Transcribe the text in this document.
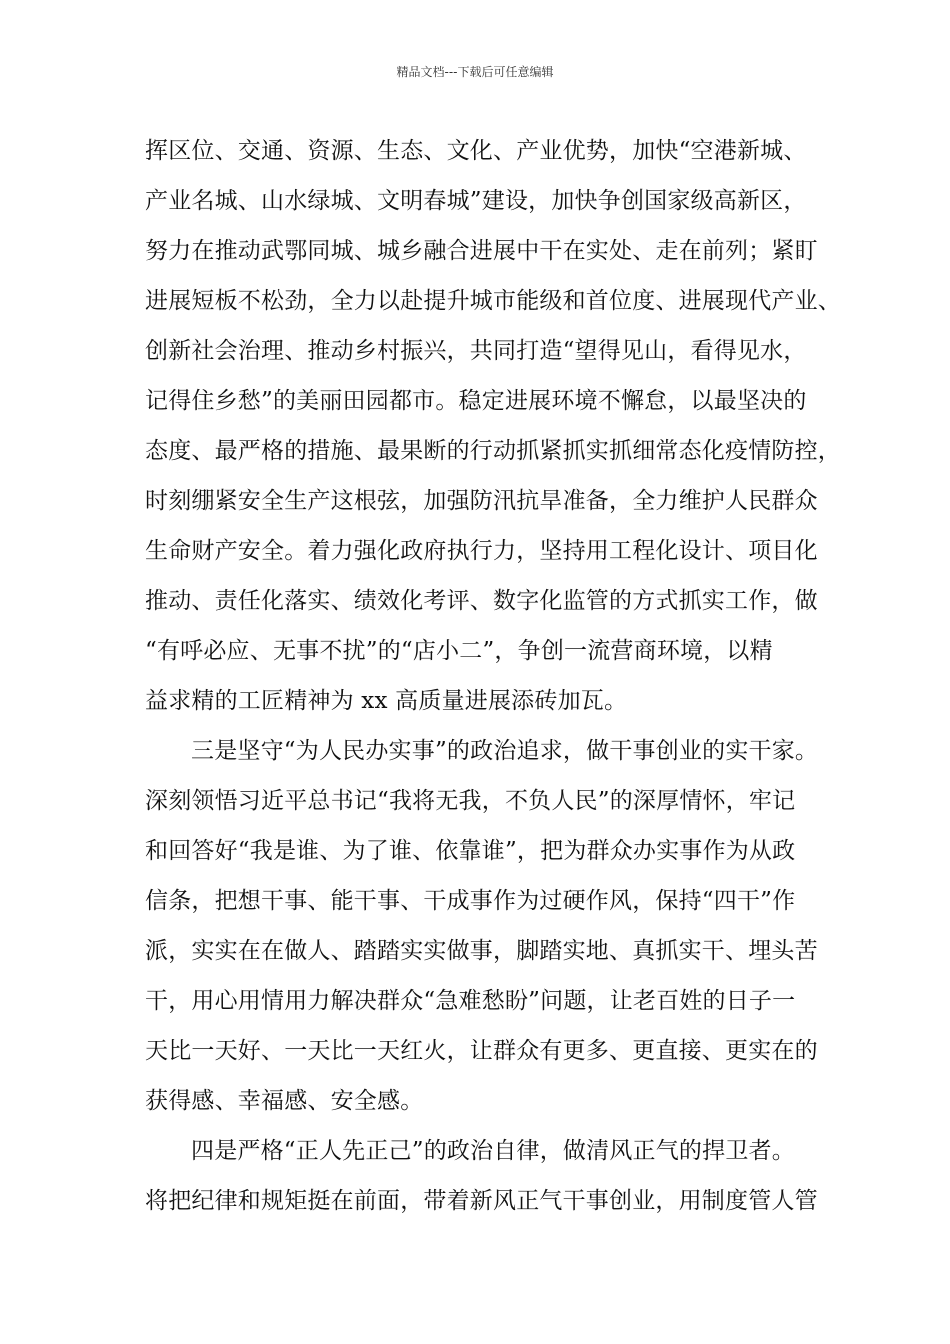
精品文档---下载后可任意编辑
挥区位、交通、资源、生态、文化、产业优势，加快“空港新城、
产业名城、山水绿城、文明春城”建设，加快争创国家级高新区，
努力在推动武鄂同城、城乡融合进展中干在实处、走在前列；紧盯
进展短板不松劲，全力以赴提升城市能级和首位度、进展现代产业、
创新社会治理、推动乡村振兴，共同打造“望得见山，看得见水，
记得住乡愁”的美丽田园都市。稳定进展环境不懈怠，以最坚决的
态度、最严格的措施、最果断的行动抓紧抓实抓细常态化疫情防控，
时刻绷紧安全生产这根弦，加强防汛抗旱准备，全力维护人民群众
生命财产安全。着力强化政府执行力，坚持用工程化设计、项目化
推动、责任化落实、绩效化考评、数字化监管的方式抓实工作，做
“有呼必应、无事不扰”的“店小二”，争创一流营商环境，以精
益求精的工匠精神为 xx 高质量进展添砖加瓦。
三是坚守“为人民办实事”的政治追求，做干事创业的实干家。
深刻领悟习近平总书记“我将无我，不负人民”的深厚情怀，牢记
和回答好“我是谁、为了谁、依靠谁”，把为群众办实事作为从政
信条，把想干事、能干事、干成事作为过硬作风，保持“四干”作
派，实实在在做人、踏踏实实做事，脚踏实地、真抓实干、埋头苦
干，用心用情用力解决群众“急难愁盼”问题，让老百姓的日子一
天比一天好、一天比一天红火，让群众有更多、更直接、更实在的
获得感、幸福感、安全感。
四是严格“正人先正己”的政治自律，做清风正气的捍卫者。
将把纪律和规矩挺在前面，带着新风正气干事创业，用制度管人管
